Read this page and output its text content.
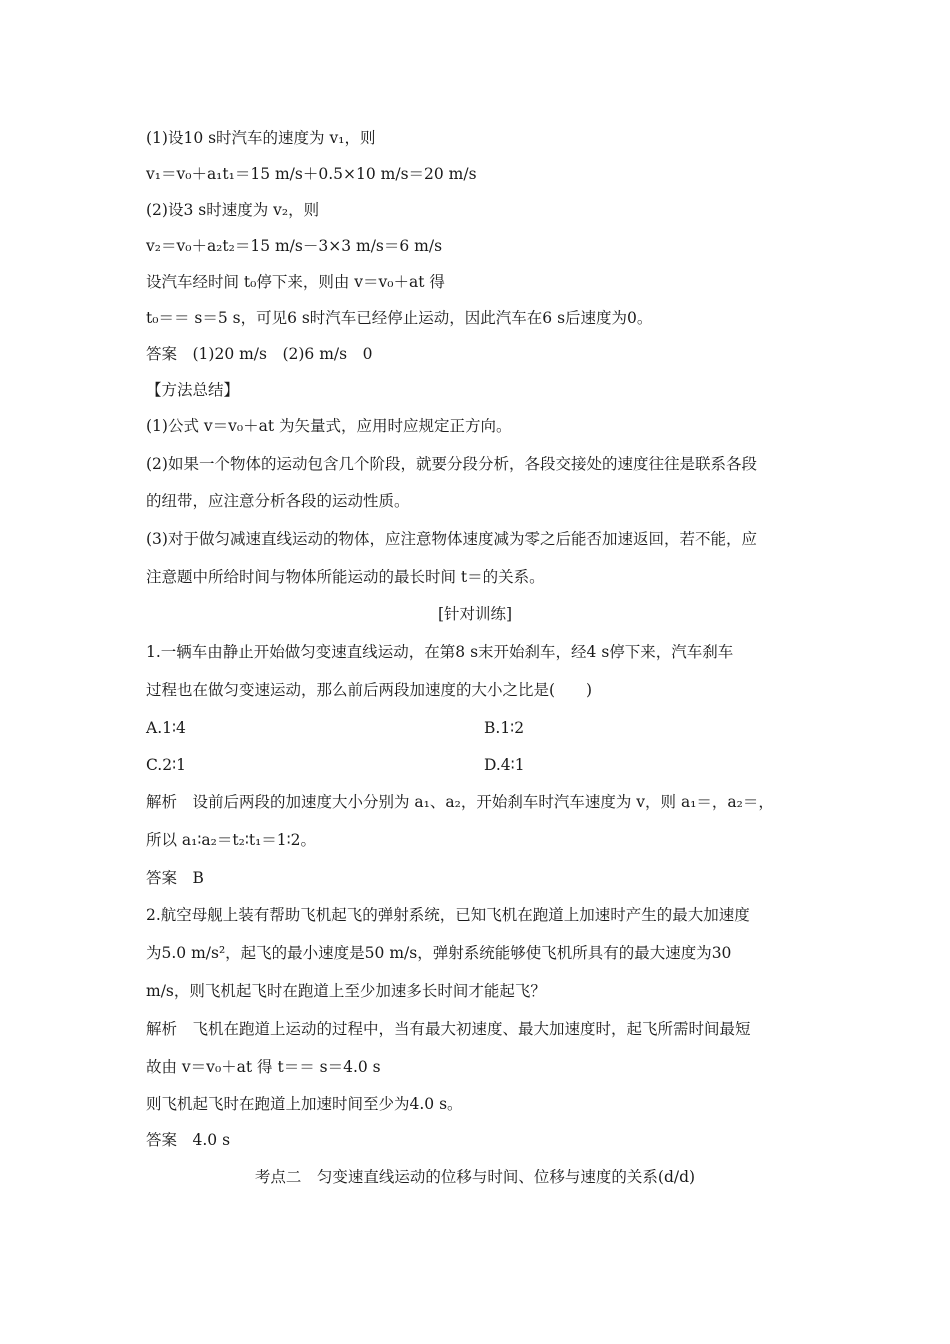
(1)设10 s时汽车的速度为 v₁，则
v₁＝v₀＋a₁t₁＝15 m/s＋0.5×10 m/s＝20 m/s
(2)设3 s时速度为 v₂，则
v₂＝v₀＋a₂t₂＝15 m/s－3×3 m/s＝6 m/s
设汽车经时间 t₀停下来，则由 v＝v₀＋at 得
t₀＝＝ s＝5 s，可见6 s时汽车已经停止运动，因此汽车在6 s后速度为0。
答案　(1)20 m/s　(2)6 m/s　0
【方法总结】
(1)公式 v＝v₀＋at 为矢量式，应用时应规定正方向。
(2)如果一个物体的运动包含几个阶段，就要分段分析，各段交接处的速度往往是联系各段
的纽带，应注意分析各段的运动性质。
(3)对于做匀减速直线运动的物体，应注意物体速度减为零之后能否加速返回，若不能，应
注意题中所给时间与物体所能运动的最长时间 t＝的关系。
[针对训练]
1.一辆车由静止开始做匀变速直线运动，在第8 s末开始刹车，经4 s停下来，汽车刹车
过程也在做匀变速运动，那么前后两段加速度的大小之比是(　　)
A.1∶4	B.1∶2
C.2∶1	D.4∶1
解析　设前后两段的加速度大小分别为 a₁、a₂，开始刹车时汽车速度为 v，则 a₁＝，a₂＝，
所以 a₁∶a₂＝t₂∶t₁＝1∶2。
答案　B
2.航空母舰上装有帮助飞机起飞的弹射系统，已知飞机在跑道上加速时产生的最大加速度
为5.0 m/s²，起飞的最小速度是50 m/s，弹射系统能够使飞机所具有的最大速度为30
m/s，则飞机起飞时在跑道上至少加速多长时间才能起飞？
解析　飞机在跑道上运动的过程中，当有最大初速度、最大加速度时，起飞所需时间最短
故由 v＝v₀＋at 得 t＝＝ s＝4.0 s
则飞机起飞时在跑道上加速时间至少为4.0 s。
答案　4.0 s
考点二　匀变速直线运动的位移与时间、位移与速度的关系(d/d)
